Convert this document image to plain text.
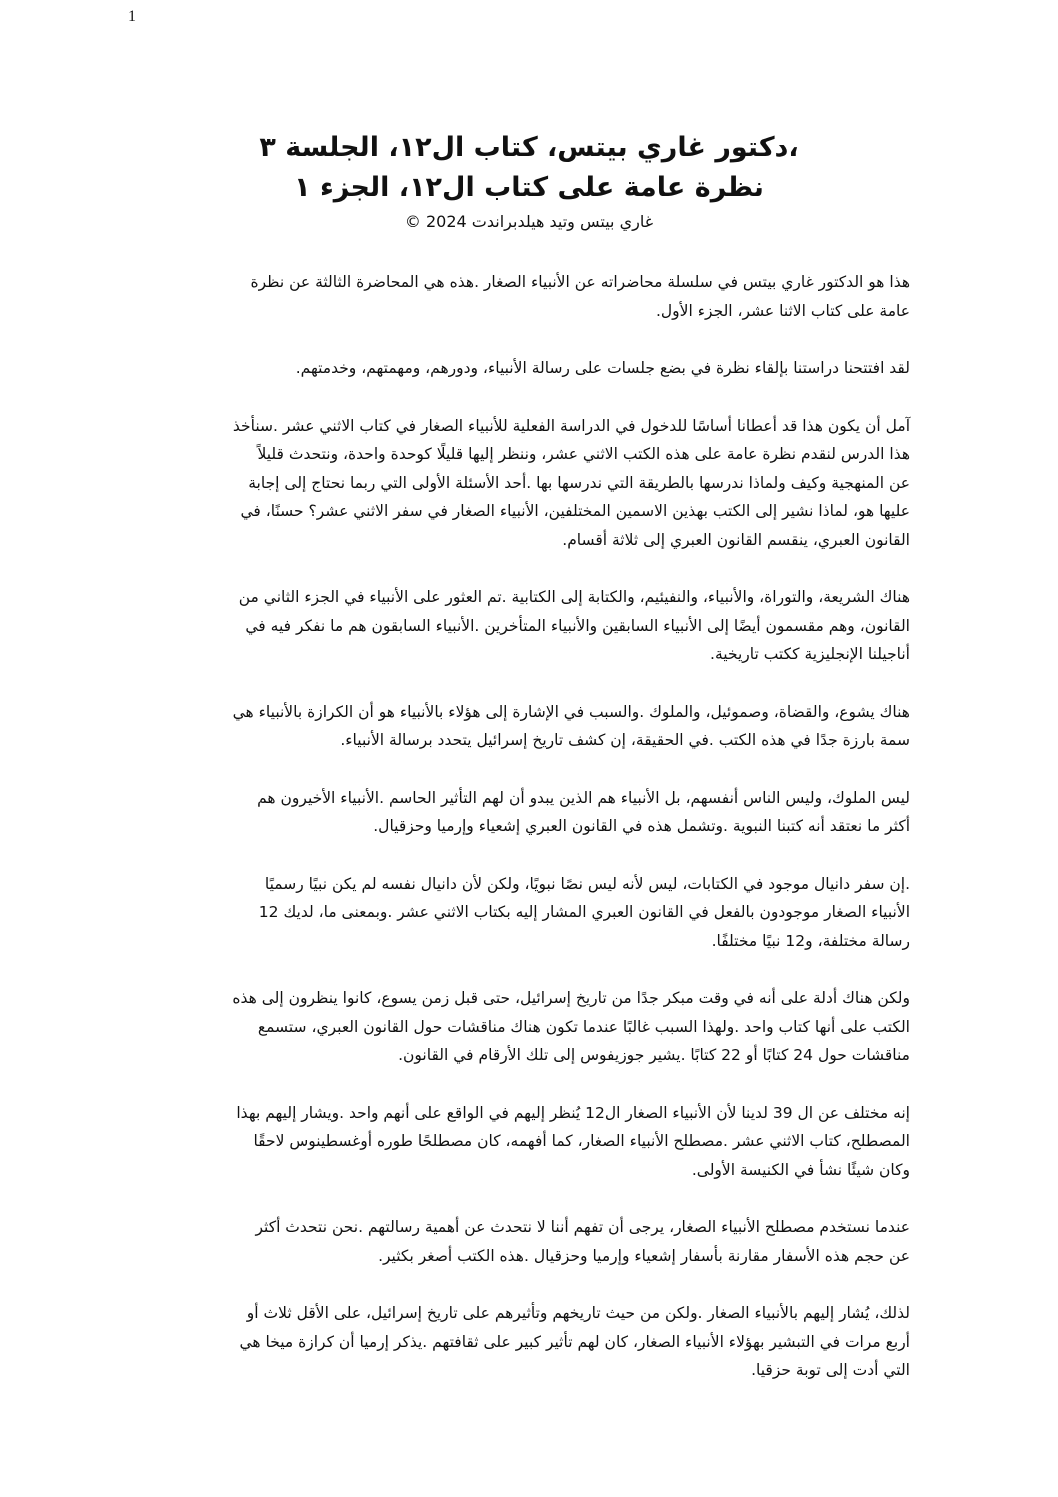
1
،دكتور غاري بيتس، كتاب ال١٢، الجلسة ٣
نظرة عامة على كتاب ال١٢، الجزء ١
غاري بيتس وتيد هيلدبراندت 2024 ©
هذا هو الدكتور غاري بيتس في سلسلة محاضراته عن الأنبياء الصغار .هذه هي المحاضرة الثالثة عن نظرة
عامة على كتاب الاثنا عشر، الجزء الأول.
لقد افتتحنا دراستنا بإلقاء نظرة في بضع جلسات على رسالة الأنبياء، ودورهم، ومهمتهم، وخدمتهم.
آمل أن يكون هذا قد أعطانا أساسًا للدخول في الدراسة الفعلية للأنبياء الصغار في كتاب الاثني عشر .سنأخذ
هذا الدرس لنقدم نظرة عامة على هذه الكتب الاثني عشر، وننظر إليها قليلًا كوحدة واحدة، ونتحدث قليلاً
عن المنهجية وكيف ولماذا ندرسها بالطريقة التي ندرسها بها .أحد الأسئلة الأولى التي ربما نحتاج إلى إجابة
عليها هو، لماذا نشير إلى الكتب بهذين الاسمين المختلفين، الأنبياء الصغار في سفر الاثني عشر؟ حسنًا، في
القانون العبري، ينقسم القانون العبري إلى ثلاثة أقسام.
هناك الشريعة، والتوراة، والأنبياء، والنفيئيم، والكتابة إلى الكتابية .تم العثور على الأنبياء في الجزء الثاني من
القانون، وهم مقسمون أيضًا إلى الأنبياء السابقين والأنبياء المتأخرين .الأنبياء السابقون هم ما نفكر فيه في
أناجيلنا الإنجليزية ككتب تاريخية.
هناك يشوع، والقضاة، وصموئيل، والملوك .والسبب في الإشارة إلى هؤلاء بالأنبياء هو أن الكرازة بالأنبياء هي
سمة بارزة جدًا في هذه الكتب .في الحقيقة، إن كشف تاريخ إسرائيل يتحدد برسالة الأنبياء.
ليس الملوك، وليس الناس أنفسهم، بل الأنبياء هم الذين يبدو أن لهم التأثير الحاسم .الأنبياء الأخيرون هم
أكثر ما نعتقد أنه كتبنا النبوية .وتشمل هذه في القانون العبري إشعياء وإرميا وحزقيال.
.إن سفر دانيال موجود في الكتابات، ليس لأنه ليس نصًا نبويًا، ولكن لأن دانيال نفسه لم يكن نبيًا رسميًا
الأنبياء الصغار موجودون بالفعل في القانون العبري المشار إليه بكتاب الاثني عشر .وبمعنى ما، لديك 12
رسالة مختلفة، و12 نبيًا مختلفًا.
ولكن هناك أدلة على أنه في وقت مبكر جدًا من تاريخ إسرائيل، حتى قبل زمن يسوع، كانوا ينظرون إلى هذه
الكتب على أنها كتاب واحد .ولهذا السبب غالبًا عندما تكون هناك مناقشات حول القانون العبري، ستسمع
مناقشات حول 24 كتابًا أو 22 كتابًا .يشير جوزيفوس إلى تلك الأرقام في القانون.
إنه مختلف عن ال 39 لدينا لأن الأنبياء الصغار ال12 يُنظر إليهم في الواقع على أنهم واحد .ويشار إليهم بهذا
المصطلح، كتاب الاثني عشر .مصطلح الأنبياء الصغار، كما أفهمه، كان مصطلحًا طوره أوغسطينوس لاحقًا
وكان شيئًا نشأ في الكنيسة الأولى.
عندما نستخدم مصطلح الأنبياء الصغار، يرجى أن تفهم أننا لا نتحدث عن أهمية رسالتهم .نحن نتحدث أكثر
عن حجم هذه الأسفار مقارنة بأسفار إشعياء وإرميا وحزقيال .هذه الكتب أصغر بكثير.
لذلك، يُشار إليهم بالأنبياء الصغار .ولكن من حيث تاريخهم وتأثيرهم على تاريخ إسرائيل، على الأقل ثلاث أو
أربع مرات في التبشير بهؤلاء الأنبياء الصغار، كان لهم تأثير كبير على ثقافتهم .يذكر إرميا أن كرازة ميخا هي
التي أدت إلى توبة حزقيا.
